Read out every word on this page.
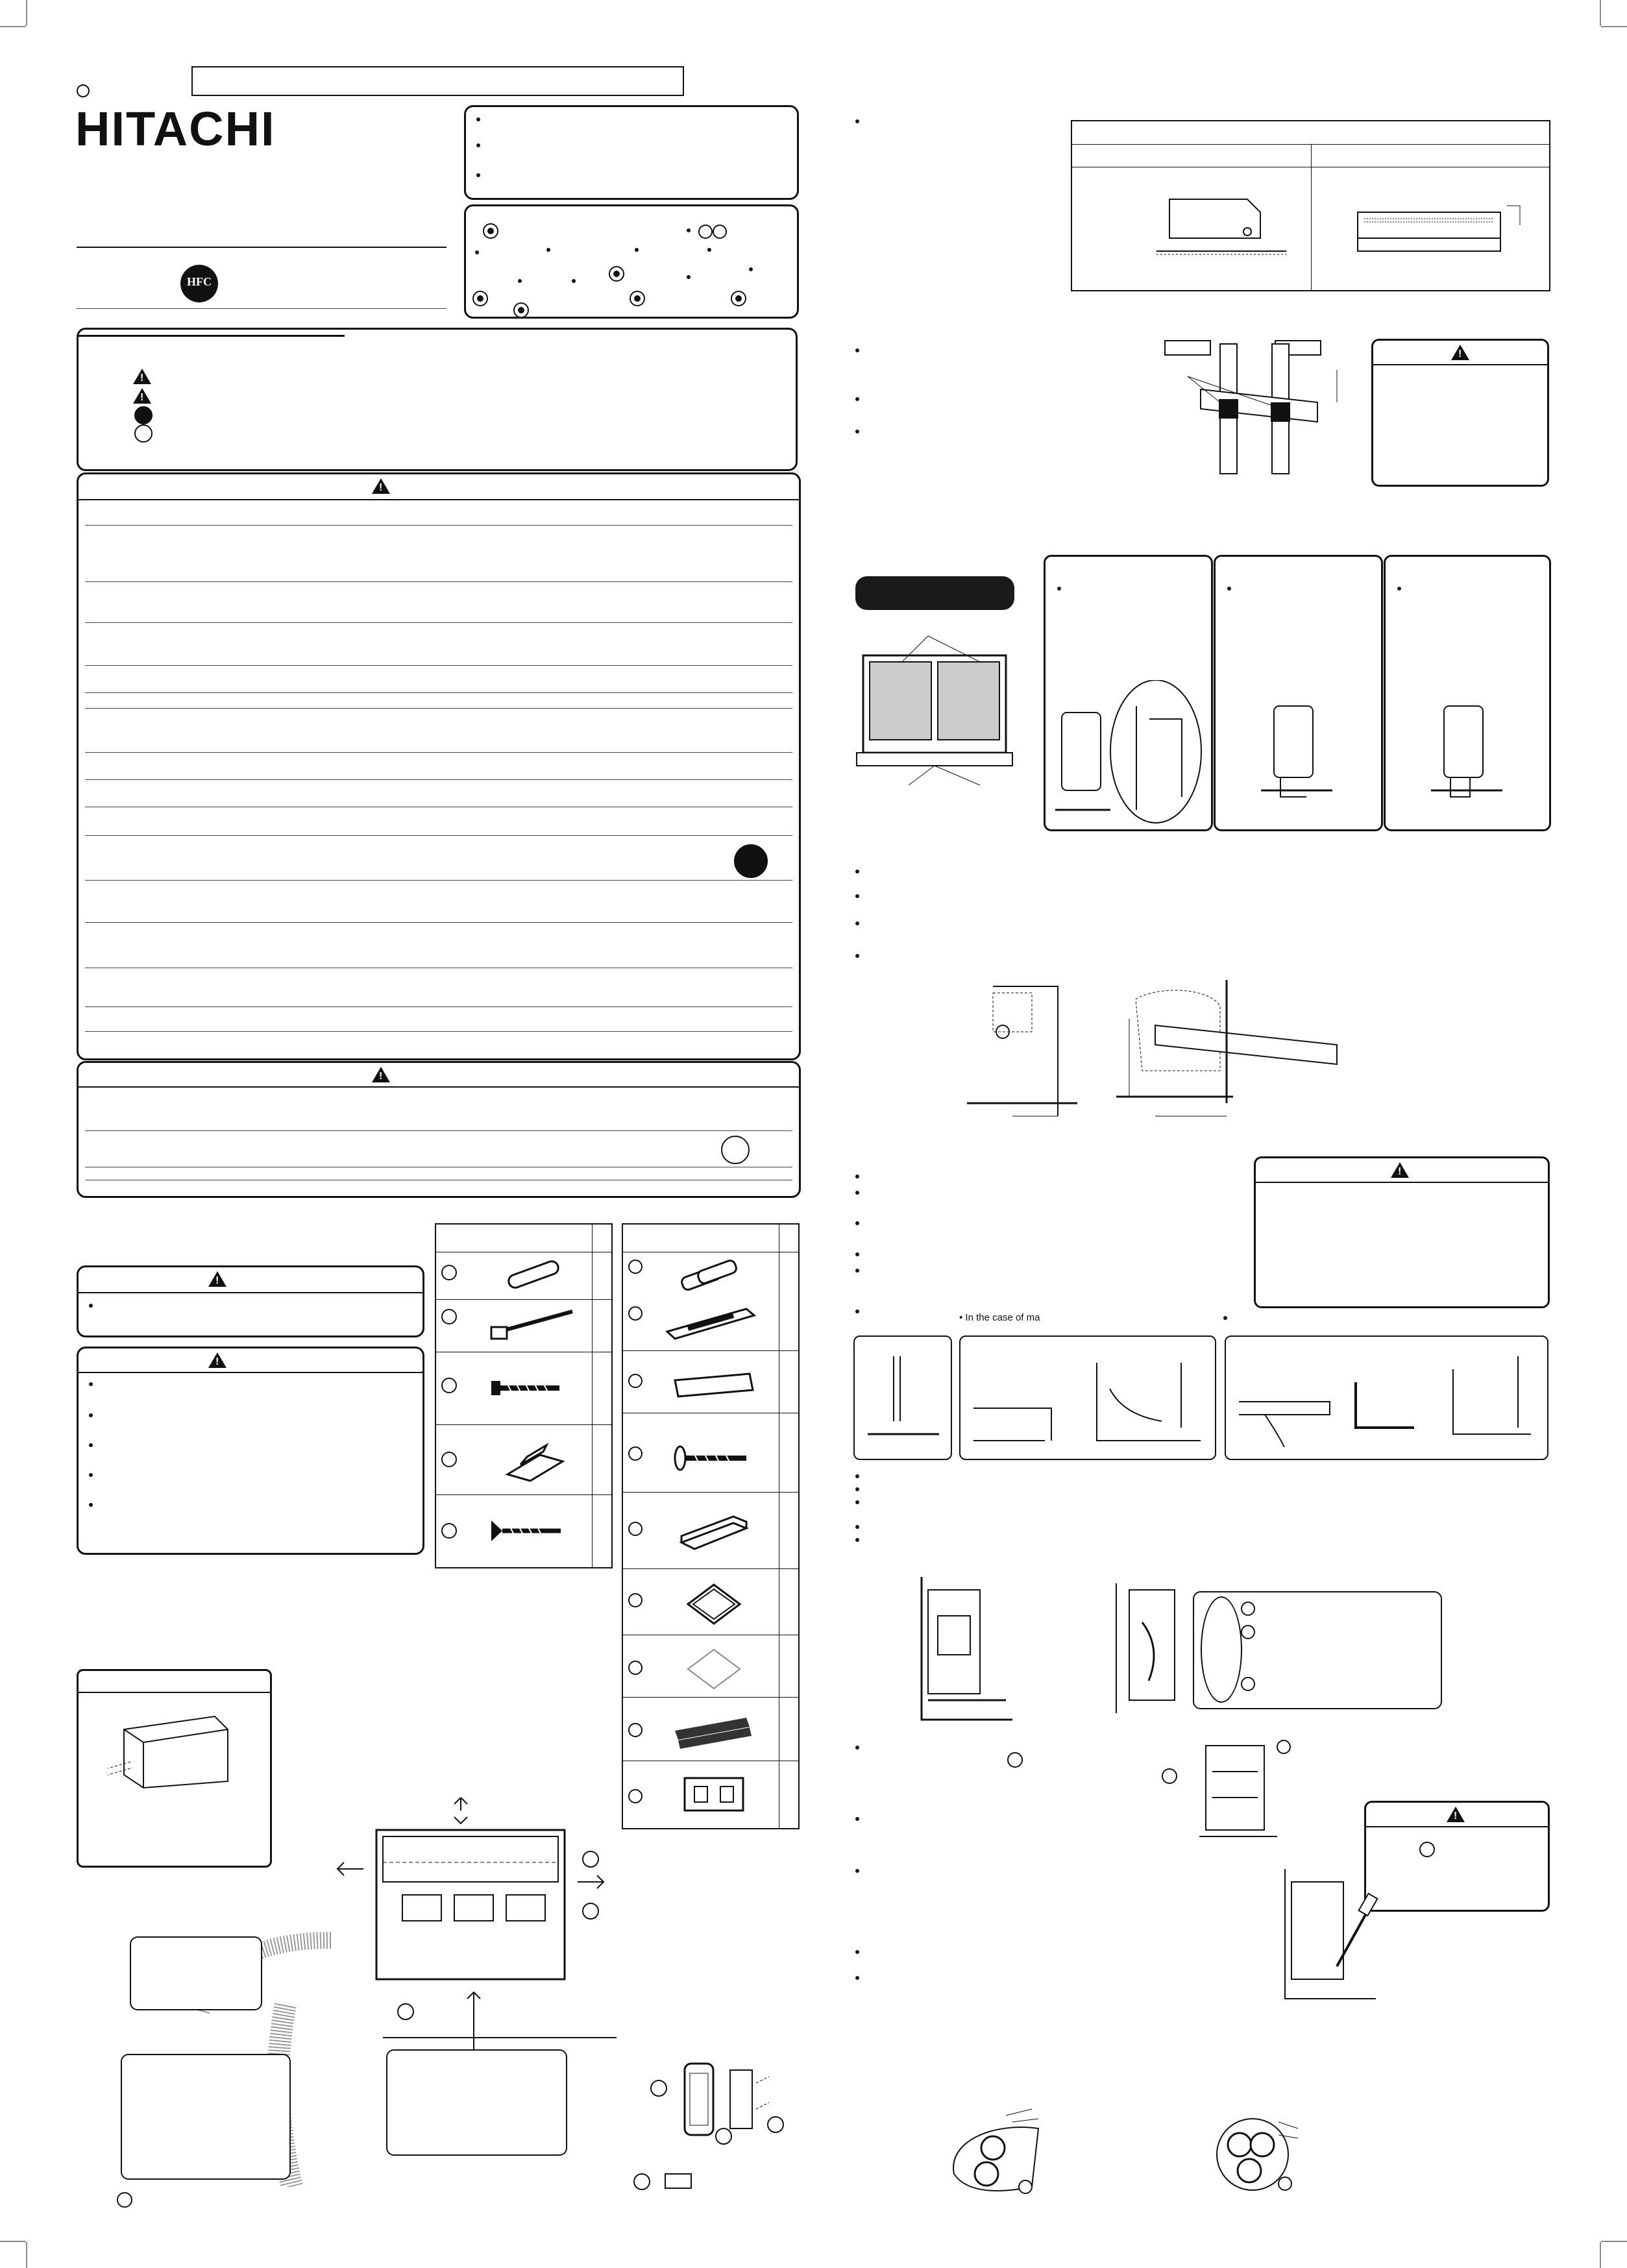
HITACHI
HFC
!
!
!
!
!
!
!
!
• In the case of ma
!
